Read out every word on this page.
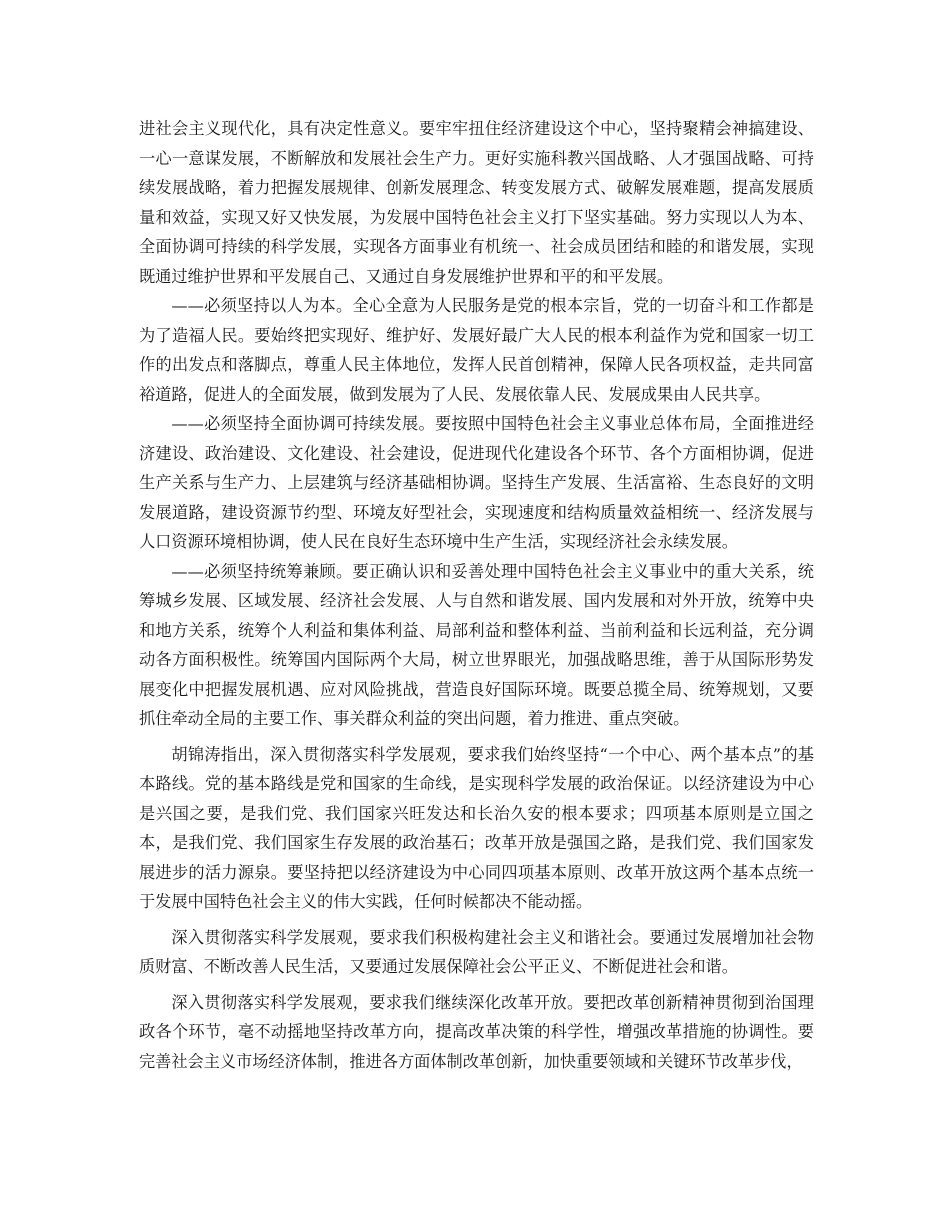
进社会主义现代化，具有决定性意义。要牢牢扭住经济建设这个中心，坚持聚精会神搞建设、一心一意谋发展，不断解放和发展社会生产力。更好实施科教兴国战略、人才强国战略、可持续发展战略，着力把握发展规律、创新发展理念、转变发展方式、破解发展难题，提高发展质量和效益，实现又好又快发展，为发展中国特色社会主义打下坚实基础。努力实现以人为本、全面协调可持续的科学发展，实现各方面事业有机统一、社会成员团结和睦的和谐发展，实现既通过维护世界和平发展自己、又通过自身发展维护世界和平的和平发展。

——必须坚持以人为本。全心全意为人民服务是党的根本宗旨，党的一切奋斗和工作都是为了造福人民。要始终把实现好、维护好、发展好最广大人民的根本利益作为党和国家一切工作的出发点和落脚点，尊重人民主体地位，发挥人民首创精神，保障人民各项权益，走共同富裕道路，促进人的全面发展，做到发展为了人民、发展依靠人民、发展成果由人民共享。

——必须坚持全面协调可持续发展。要按照中国特色社会主义事业总体布局，全面推进经济建设、政治建设、文化建设、社会建设，促进现代化建设各个环节、各个方面相协调，促进生产关系与生产力、上层建筑与经济基础相协调。坚持生产发展、生活富裕、生态良好的文明发展道路，建设资源节约型、环境友好型社会，实现速度和结构质量效益相统一、经济发展与人口资源环境相协调，使人民在良好生态环境中生产生活，实现经济社会永续发展。

——必须坚持统筹兼顾。要正确认识和妥善处理中国特色社会主义事业中的重大关系，统筹城乡发展、区域发展、经济社会发展、人与自然和谐发展、国内发展和对外开放，统筹中央和地方关系，统筹个人利益和集体利益、局部利益和整体利益、当前利益和长远利益，充分调动各方面积极性。统筹国内国际两个大局，树立世界眼光，加强战略思维，善于从国际形势发展变化中把握发展机遇、应对风险挑战，营造良好国际环境。既要总揽全局、统筹规划，又要抓住牵动全局的主要工作、事关群众利益的突出问题，着力推进、重点突破。

胡锦涛指出，深入贯彻落实科学发展观，要求我们始终坚持“一个中心、两个基本点”的基本路线。党的基本路线是党和国家的生命线，是实现科学发展的政治保证。以经济建设为中心是兴国之要，是我们党、我们国家兴旺发达和长治久安的根本要求；四项基本原则是立国之本，是我们党、我们国家生存发展的政治基石；改革开放是强国之路，是我们党、我们国家发展进步的活力源泉。要坚持把以经济建设为中心同四项基本原则、改革开放这两个基本点统一于发展中国特色社会主义的伟大实践，任何时候都决不能动摇。

深入贯彻落实科学发展观，要求我们积极构建社会主义和谐社会。要通过发展增加社会物质财富、不断改善人民生活，又要通过发展保障社会公平正义、不断促进社会和谐。

深入贯彻落实科学发展观，要求我们继续深化改革开放。要把改革创新精神贯彻到治国理政各个环节，毫不动摇地坚持改革方向，提高改革决策的科学性，增强改革措施的协调性。要完善社会主义市场经济体制，推进各方面体制改革创新，加快重要领域和关键环节改革步伐，
